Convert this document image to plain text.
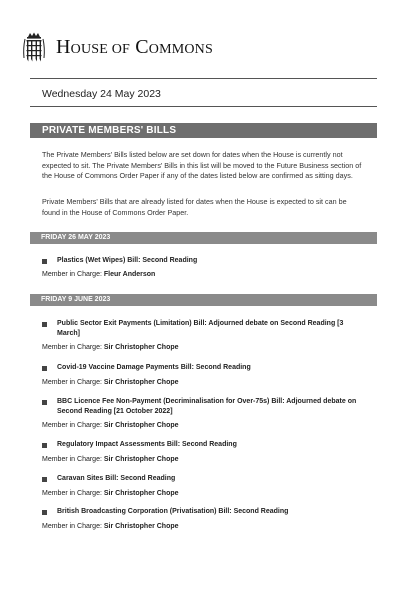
HOUSE OF COMMONS
Wednesday 24 May 2023
PRIVATE MEMBERS' BILLS
The Private Members' Bills listed below are set down for dates when the House is currently not expected to sit. The Private Members' Bills in this list will be moved to the Future Business section of the House of Commons Order Paper if any of the dates listed below are confirmed as sitting days.
Private Members' Bills that are already listed for dates when the House is expected to sit can be found in the House of Commons Order Paper.
FRIDAY 26 MAY 2023
Plastics (Wet Wipes) Bill: Second Reading
Member in Charge: Fleur Anderson
FRIDAY 9 JUNE 2023
Public Sector Exit Payments (Limitation) Bill: Adjourned debate on Second Reading [3 March]
Member in Charge: Sir Christopher Chope
Covid-19 Vaccine Damage Payments Bill: Second Reading
Member in Charge: Sir Christopher Chope
BBC Licence Fee Non-Payment (Decriminalisation for Over-75s) Bill: Adjourned debate on Second Reading [21 October 2022]
Member in Charge: Sir Christopher Chope
Regulatory Impact Assessments Bill: Second Reading
Member in Charge: Sir Christopher Chope
Caravan Sites Bill: Second Reading
Member in Charge: Sir Christopher Chope
British Broadcasting Corporation (Privatisation) Bill: Second Reading
Member in Charge: Sir Christopher Chope
